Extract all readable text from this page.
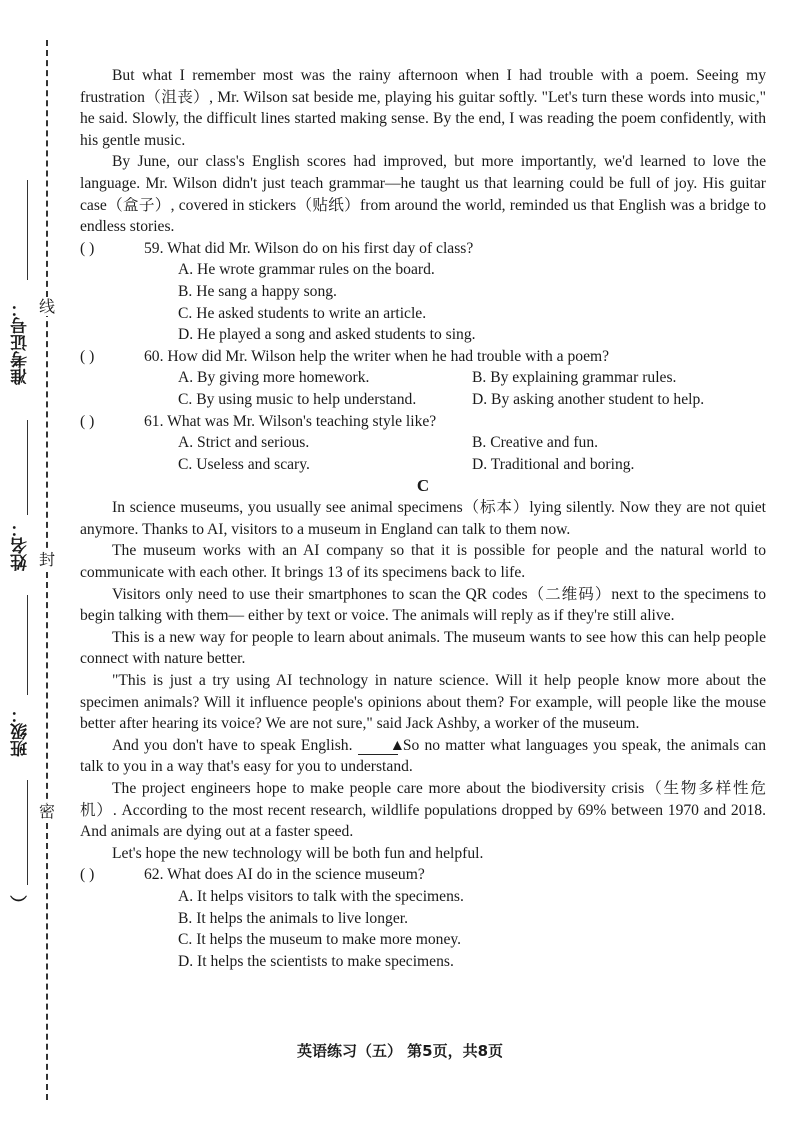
线
封
密
准考证号：
姓名：
班级：
（

But what I remember most was the rainy afternoon when I had trouble with a poem. Seeing my frustration（沮丧）, Mr. Wilson sat beside me, playing his guitar softly. "Let's turn these words into music," he said. Slowly, the difficult lines started making sense. By the end, I was reading the poem confidently, with his gentle music.

By June, our class's English scores had improved, but more importantly, we'd learned to love the language. Mr. Wilson didn't just teach grammar—he taught us that learning could be full of joy. His guitar case（盒子）, covered in stickers（贴纸）from around the world, reminded us that English was a bridge to endless stories.

( )	59. What did Mr. Wilson do on his first day of class?

A. He wrote grammar rules on the board.

B. He sang a happy song.

C. He asked students to write an article.

D. He played a song and asked students to sing.

( )	60. How did Mr. Wilson help the writer when he had trouble with a poem?

A. By giving more homework.	B. By explaining grammar rules.
C. By using music to help understand.	D. By asking another student to help.

( )	61. What was Mr. Wilson's teaching style like?

A. Strict and serious.	B. Creative and fun.
C. Useless and scary.	D. Traditional and boring.

C

In science museums, you usually see animal specimens（标本）lying silently. Now they are not quiet anymore. Thanks to AI, visitors to a museum in England can talk to them now.

The museum works with an AI company so that it is possible for people and the natural world to communicate with each other. It brings 13 of its specimens back to life.

Visitors only need to use their smartphones to scan the QR codes（二维码）next to the specimens to begin talking with them— either by text or voice. The animals will reply as if they're still alive.

This is a new way for people to learn about animals. The museum wants to see how this can help people connect with nature better.

"This is just a try using AI technology in nature science. Will it help people know more about the specimen animals? Will it influence people's opinions about them? For example, will people like the mouse better after hearing its voice? We are not sure," said Jack Ashby, a worker of the museum.

And you don't have to speak English. ▲ So no matter what languages you speak, the animals can talk to you in a way that's easy for you to understand.

The project engineers hope to make people care more about the biodiversity crisis（生物多样性危机）. According to the most recent research, wildlife populations dropped by 69% between 1970 and 2018. And animals are dying out at a faster speed.

Let's hope the new technology will be both fun and helpful.

( )	62. What does AI do in the science museum?

A. It helps visitors to talk with the specimens.

B. It helps the animals to live longer.

C. It helps the museum to make more money.

D. It helps the scientists to make specimens.

英语练习（五） 第5页，共8页
